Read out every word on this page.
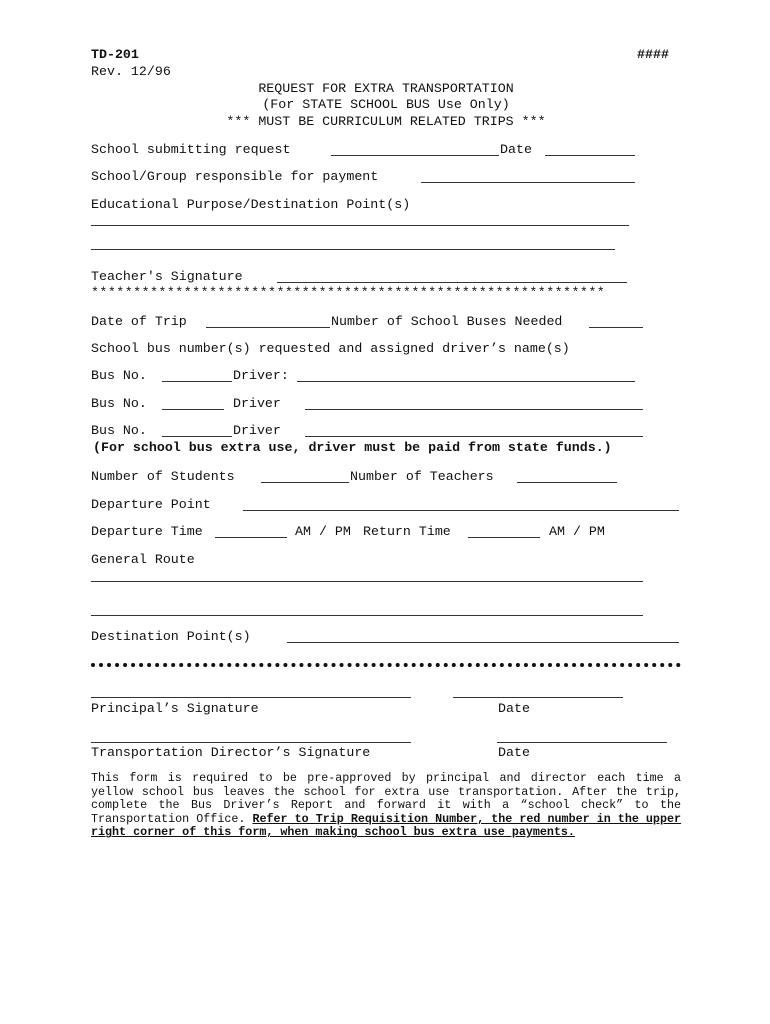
TD-201	####
Rev. 12/96
REQUEST FOR EXTRA TRANSPORTATION
(For STATE SCHOOL BUS Use Only)
*** MUST BE CURRICULUM RELATED TRIPS ***
School submitting request	Date
School/Group responsible for payment
Educational Purpose/Destination Point(s)
Teacher's Signature
*************************************************************
Date of Trip	Number of School Buses Needed
School bus number(s) requested and assigned driver’s name(s)
Bus No.	Driver:
Bus No.	Driver
Bus No.	Driver
(For school bus extra use, driver must be paid from state funds.)
Number of Students	Number of Teachers
Departure Point
Departure Time	AM / PM Return Time	AM / PM
General Route
Destination Point(s)
Principal’s Signature	Date
Transportation Director’s Signature	Date
This form is required to be pre-approved by principal and director each time a yellow school bus leaves the school for extra use transportation. After the trip, complete the Bus Driver’s Report and forward it with a “school check” to the Transportation Office. Refer to Trip Requisition Number, the red number in the upper right corner of this form, when making school bus extra use payments.
